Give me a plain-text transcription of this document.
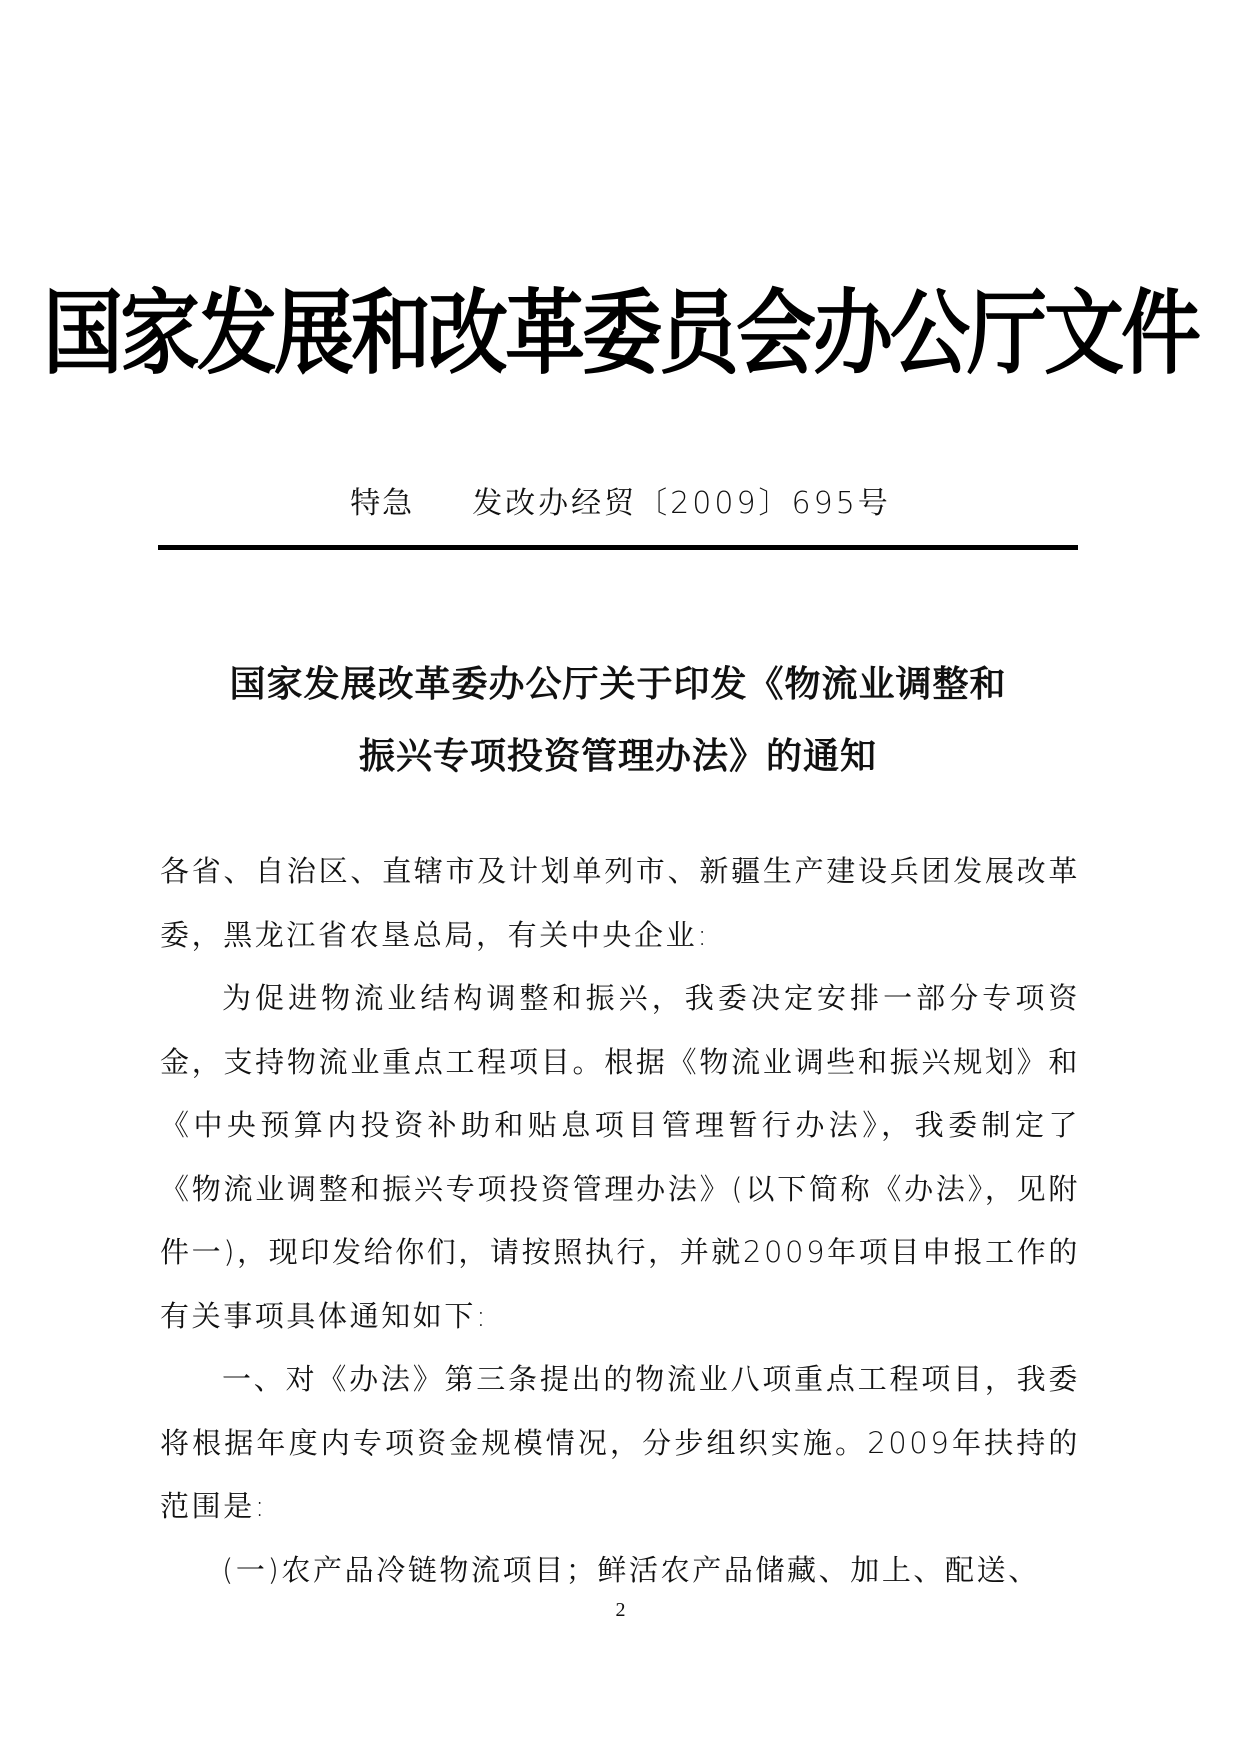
国家发展和改革委员会办公厅文件
特急 发改办经贸〔2009〕695号
国家发展改革委办公厅关于印发《物流业调整和
振兴专项投资管理办法》的通知

各省、自治区、直辖市及计划单列市、新疆生产建设兵团发展改革委，黑龙江省农垦总局，有关中央企业:

为促进物流业结构调整和振兴，我委决定安排一部分专项资金，支持物流业重点工程项目。根据《物流业调些和振兴规划》和《中央预算内投资补助和贴息项目管理暂行办法》，我委制定了《物流业调整和振兴专项投资管理办法》(以下简称《办法》，见附件一)，现印发给你们，请按照执行，并就2009年项目申报工作的有关事项具体通知如下:

一、对《办法》第三条提出的物流业八项重点工程项目，我委将根据年度内专项资金规模情况，分步组织实施。2009年扶持的范围是:

(一)农产品冷链物流项目；鲜活农产品储藏、加上、配送、

2
